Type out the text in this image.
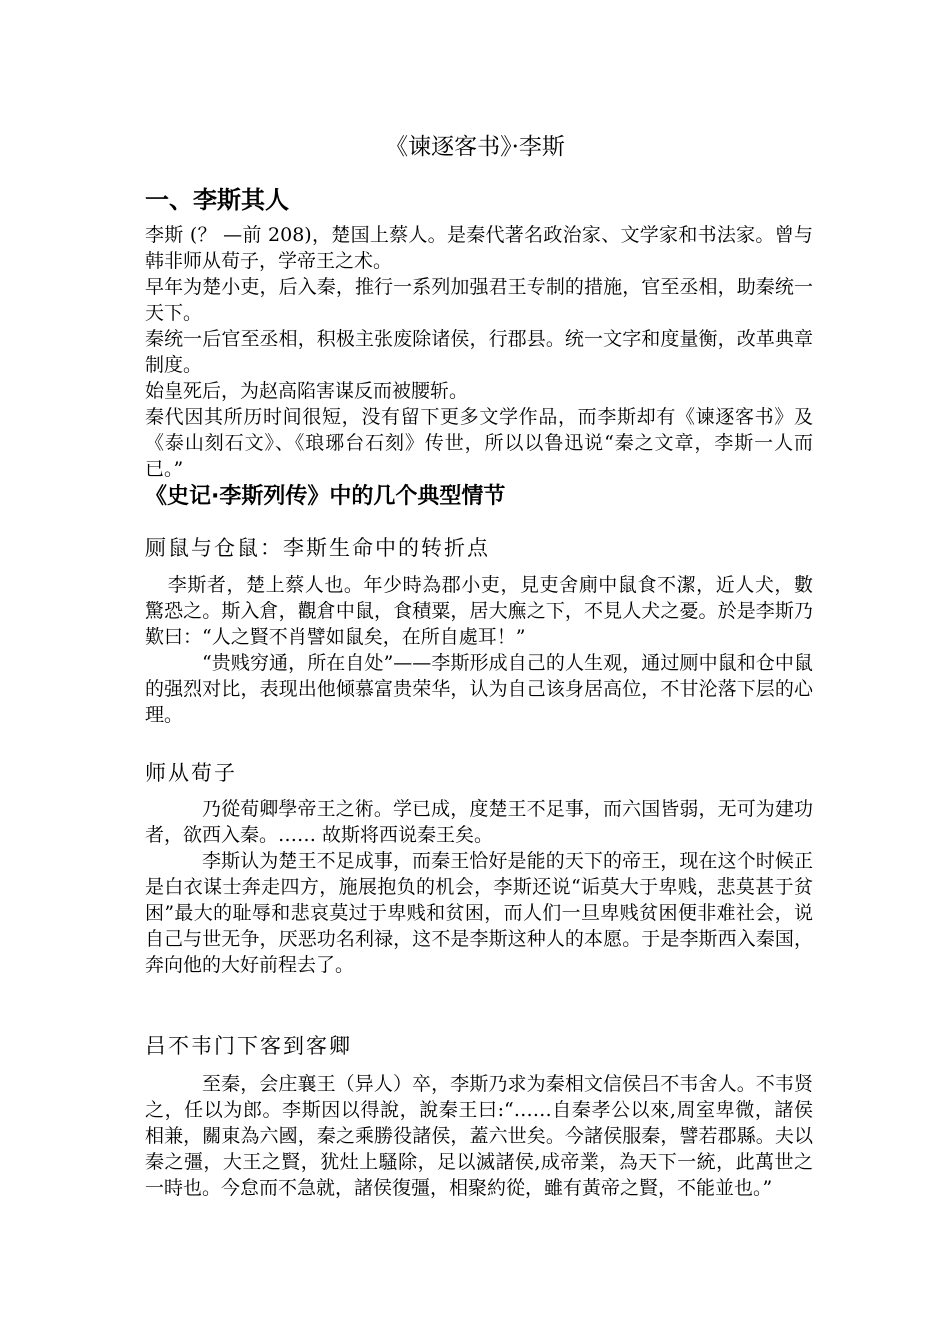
《谏逐客书》·李斯
一、李斯其人

李斯 (？ —前 208)，楚国上蔡人。是秦代著名政治家、文学家和书法家。曾与韩非师从荀子，学帝王之术。

早年为楚小吏，后入秦，推行一系列加强君王专制的措施，官至丞相，助秦统一天下。

秦统一后官至丞相，积极主张废除诸侯，行郡县。统一文字和度量衡，改革典章制度。

始皇死后，为赵高陷害谋反而被腰斩。

秦代因其所历时间很短，没有留下更多文学作品，而李斯却有《谏逐客书》及《泰山刻石文》、《琅琊台石刻》传世，所以以鲁迅说“秦之文章，李斯一人而已。”

《史记·李斯列传》中的几个典型情节
厕鼠与仓鼠：李斯生命中的转折点

李斯者，楚上蔡人也。年少時為郡小吏，見吏舍廁中鼠食不潔，近人犬，數驚恐之。斯入倉，觀倉中鼠，食積粟，居大廡之下，不見人犬之憂。於是李斯乃歎曰：“人之賢不肖譬如鼠矣，在所自處耳！”

“贵贱穷通，所在自处”——李斯形成自己的人生观，通过厕中鼠和仓中鼠的强烈对比，表现出他倾慕富贵荣华，认为自己该身居高位，不甘沦落下层的心理。

师从荀子

乃從荀卿學帝王之術。学已成，度楚王不足事，而六国皆弱，无可为建功者，欲西入秦。…… 故斯将西说秦王矣。

李斯认为楚王不足成事，而秦王恰好是能的天下的帝王，现在这个时候正是白衣谋士奔走四方，施展抱负的机会，李斯还说“诟莫大于卑贱，悲莫甚于贫困”最大的耻辱和悲哀莫过于卑贱和贫困，而人们一旦卑贱贫困便非难社会，说自己与世无争，厌恶功名利禄，这不是李斯这种人的本愿。于是李斯西入秦国，奔向他的大好前程去了。

吕不韦门下客到客卿

至秦，会庄襄王（异人）卒，李斯乃求为秦相文信侯吕不韦舍人。不韦贤之，任以为郎。李斯因以得說，說秦王曰:“……自秦孝公以來,周室卑微，諸侯相兼，關東為六國，秦之乘勝役諸侯，蓋六世矣。今諸侯服秦，譬若郡縣。夫以秦之彊，大王之賢，犹灶上騷除，足以滅諸侯,成帝業，為天下一統，此萬世之一時也。今怠而不急就，諸侯復彊，相聚約從，雖有黃帝之賢，不能並也。”
